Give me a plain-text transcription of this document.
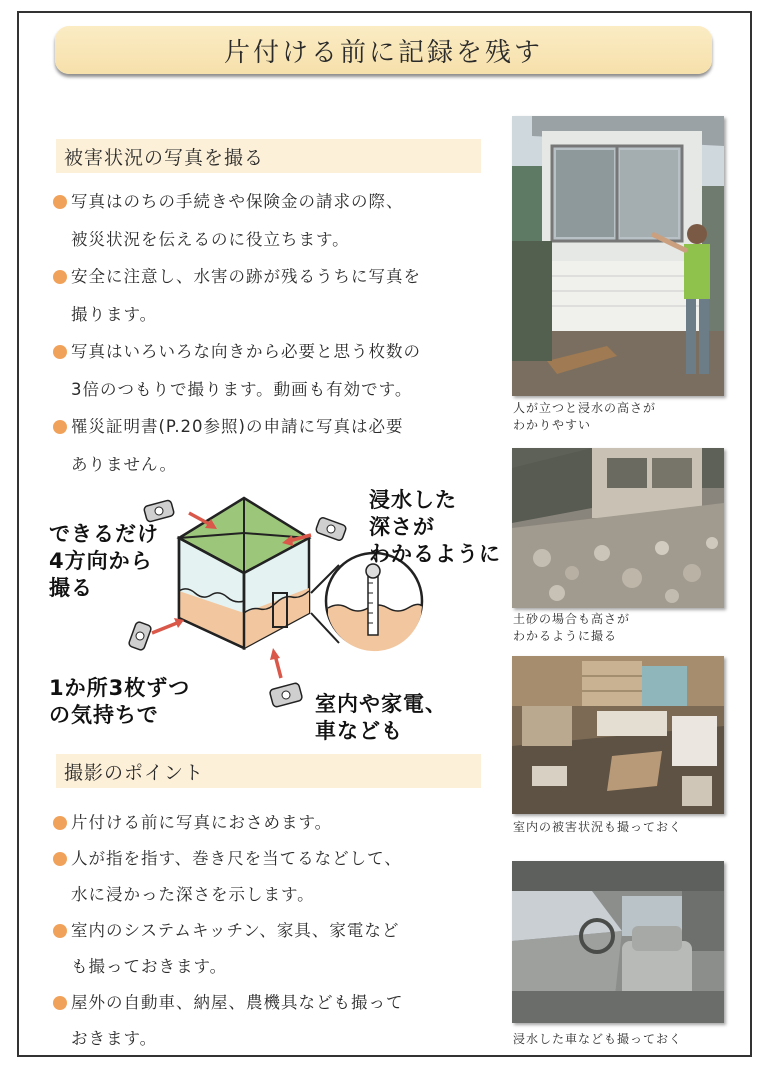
片付ける前に記録を残す
被害状況の写真を撮る
写真はのちの手続きや保険金の請求の際、
被災状況を伝えるのに役立ちます。
安全に注意し、水害の跡が残るうちに写真を
撮ります。
写真はいろいろな向きから必要と思う枚数の
3倍のつもりで撮ります。動画も有効です。
罹災証明書(P.20参照)の申請に写真は必要
ありません。
できるだけ
4方向から
撮る
浸水した
深さが
わかるように
1か所3枚ずつ
の気持ちで	室内や家電、
車なども
撮影のポイント
片付ける前に写真におさめます。
人が指を指す、巻き尺を当てるなどして、
水に浸かった深さを示します。
室内のシステムキッチン、家具、家電など
も撮っておきます。
屋外の自動車、納屋、農機具なども撮って
おきます。
人が立つと浸水の高さが
わかりやすい
土砂の場合も高さが
わかるように撮る
室内の被害状況も撮っておく
浸水した車なども撮っておく
